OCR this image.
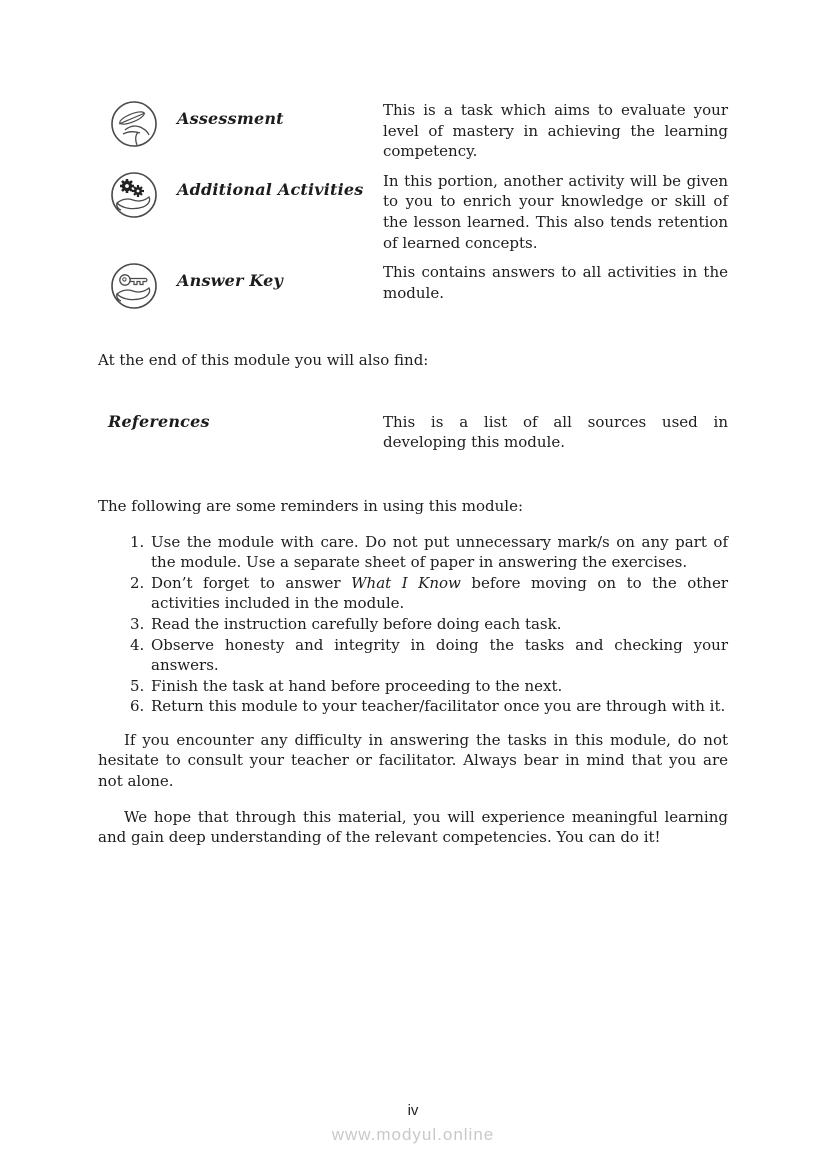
Assessment	This is a task which aims to evaluate your level of mastery in achieving the learning competency.
Additional Activities	In this portion, another activity will be given to you to enrich your knowledge or skill of the lesson learned. This also tends retention of learned concepts.
Answer Key	This contains answers to all activities in the module.

At the end of this module you will also find:

References	This is a list of all sources used in developing this module.

The following are some reminders in using this module:

1. Use the module with care. Do not put unnecessary mark/s on any part of the module. Use a separate sheet of paper in answering the exercises.
2. Don’t forget to answer What I Know before moving on to the other activities included in the module.
3. Read the instruction carefully before doing each task.
4. Observe honesty and integrity in doing the tasks and checking your answers.
5. Finish the task at hand before proceeding to the next.
6. Return this module to your teacher/facilitator once you are through with it.

If you encounter any difficulty in answering the tasks in this module, do not hesitate to consult your teacher or facilitator. Always bear in mind that you are not alone.

We hope that through this material, you will experience meaningful learning and gain deep understanding of the relevant competencies. You can do it!

iv
www.modyul.online
